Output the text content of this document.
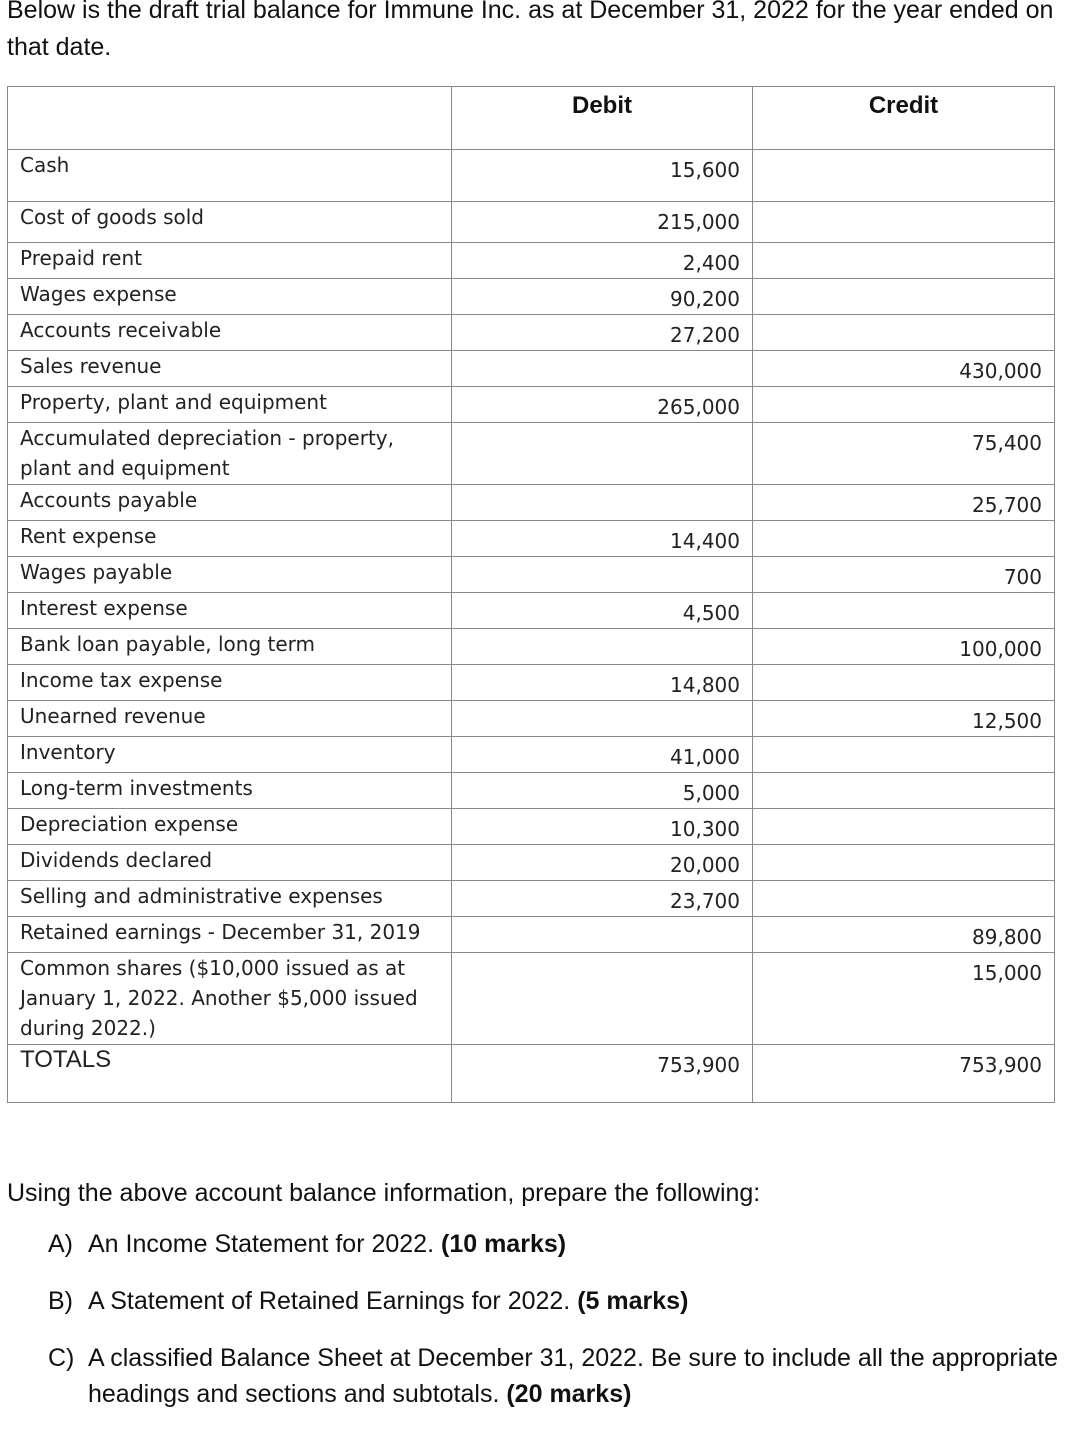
Below is the draft trial balance for Immune Inc. as at December 31, 2022 for the year ended on that date.
	Debit	Credit
Cash	15,600	
Cost of goods sold	215,000	
Prepaid rent	2,400	
Wages expense	90,200	
Accounts receivable	27,200	
Sales revenue		430,000
Property, plant and equipment	265,000	
Accumulated depreciation - property, plant and equipment		75,400
Accounts payable		25,700
Rent expense	14,400	
Wages payable		700
Interest expense	4,500	
Bank loan payable, long term		100,000
Income tax expense	14,800	
Unearned revenue		12,500
Inventory	41,000	
Long-term investments	5,000	
Depreciation expense	10,300	
Dividends declared	20,000	
Selling and administrative expenses	23,700	
Retained earnings - December 31, 2019		89,800
Common shares ($10,000 issued as at January 1, 2022. Another $5,000 issued during 2022.)		15,000
TOTALS	753,900	753,900

Using the above account balance information, prepare the following:

A) An Income Statement for 2022. (10 marks)
B) A Statement of Retained Earnings for 2022. (5 marks)
C) A classified Balance Sheet at December 31, 2022. Be sure to include all the appropriate headings and sections and subtotals. (20 marks)
